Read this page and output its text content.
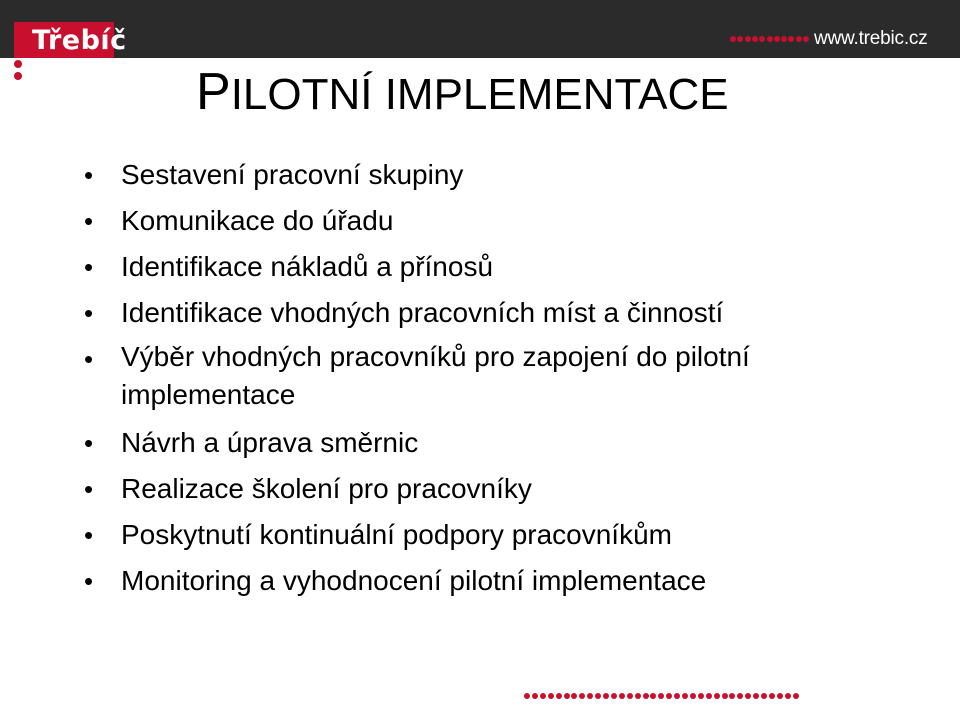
Třebíč	www.trebic.cz
PILOTNÍ IMPLEMENTACE
• Sestavení pracovní skupiny
• Komunikace do úřadu
• Identifikace nákladů a přínosů
• Identifikace vhodných pracovních míst a činností
• Výběr vhodných pracovníků pro zapojení do pilotní implementace
• Návrh a úprava směrnic
• Realizace školení pro pracovníky
• Poskytnutí kontinuální podpory pracovníkům
• Monitoring a vyhodnocení pilotní implementace
